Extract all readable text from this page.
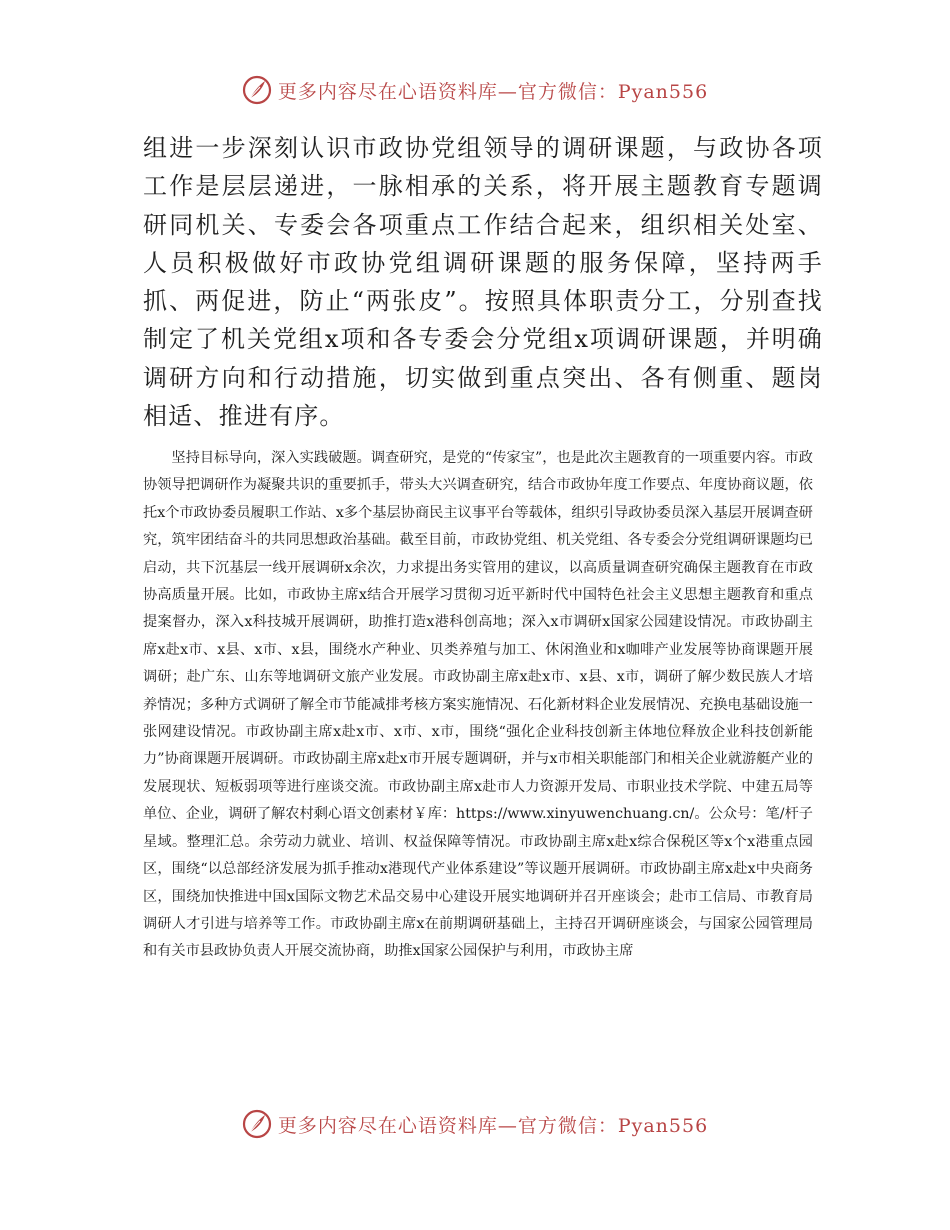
更多内容尽在心语资料库—官方微信：Pyan556

组进一步深刻认识市政协党组领导的调研课题，与政协各项工作是层层递进，一脉相承的关系，将开展主题教育专题调研同机关、专委会各项重点工作结合起来，组织相关处室、人员积极做好市政协党组调研课题的服务保障，坚持两手抓、两促进，防止“两张皮”。按照具体职责分工，分别查找制定了机关党组x项和各专委会分党组x项调研课题，并明确调研方向和行动措施，切实做到重点突出、各有侧重、题岗相适、推进有序。

坚持目标导向，深入实践破题。调查研究，是党的“传家宝”，也是此次主题教育的一项重要内容。市政协领导把调研作为凝聚共识的重要抓手，带头大兴调查研究，结合市政协年度工作要点、年度协商议题，依托x个市政协委员履职工作站、x多个基层协商民主议事平台等载体，组织引导政协委员深入基层开展调查研究，筑牢团结奋斗的共同思想政治基础。截至目前，市政协党组、机关党组、各专委会分党组调研课题均已启动，共下沉基层一线开展调研x余次，力求提出务实管用的建议，以高质量调查研究确保主题教育在市政协高质量开展。比如，市政协主席x结合开展学习贯彻习近平新时代中国特色社会主义思想主题教育和重点提案督办，深入x科技城开展调研，助推打造x港科创高地；深入x市调研x国家公园建设情况。市政协副主席x赴x市、x县、x市、x县，围绕水产种业、贝类养殖与加工、休闲渔业和x咖啡产业发展等协商课题开展调研；赴广东、山东等地调研文旅产业发展。市政协副主席x赴x市、x县、x市，调研了解少数民族人才培养情况；多种方式调研了解全市节能减排考核方案实施情况、石化新材料企业发展情况、充换电基础设施一张网建设情况。市政协副主席x赴x市、x市、x市，围绕“强化企业科技创新主体地位释放企业科技创新能力”协商课题开展调研。市政协副主席x赴x市开展专题调研，并与x市相关职能部门和相关企业就游艇产业的发展现状、短板弱项等进行座谈交流。市政协副主席x赴市人力资源开发局、市职业技术学院、中建五局等单位、企业，调研了解农村剩心语文创素材￥库：https://www.xinyuwenchuang.cn/。公众号：笔/杆子星域。整理汇总。余劳动力就业、培训、权益保障等情况。市政协副主席x赴x综合保税区等x个x港重点园区，围绕“以总部经济发展为抓手推动x港现代产业体系建设”等议题开展调研。市政协副主席x赴x中央商务区，围绕加快推进中国x国际文物艺术品交易中心建设开展实地调研并召开座谈会；赴市工信局、市教育局调研人才引进与培养等工作。市政协副主席x在前期调研基础上，主持召开调研座谈会，与国家公园管理局和有关市县政协负责人开展交流协商，助推x国家公园保护与利用，市政协主席

更多内容尽在心语资料库—官方微信：Pyan556
